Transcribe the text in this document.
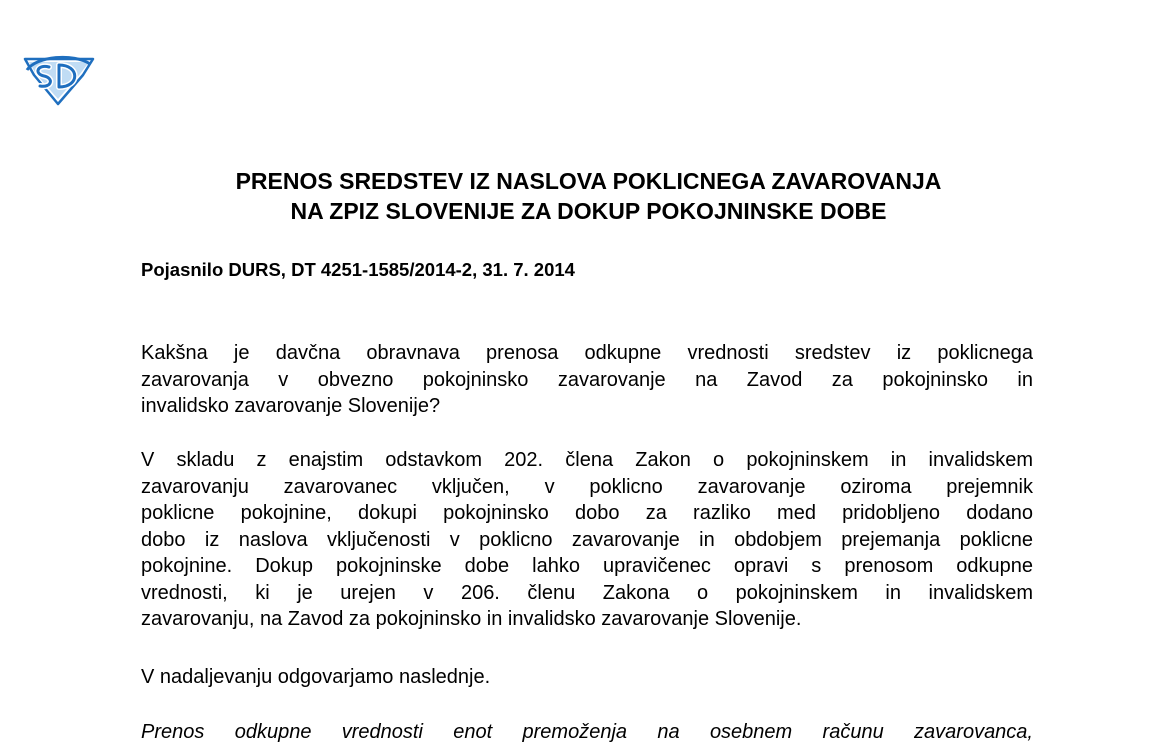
PRENOS SREDSTEV IZ NASLOVA POKLICNEGA ZAVAROVANJA
NA ZPIZ SLOVENIJE ZA DOKUP POKOJNINSKE DOBE
Pojasnilo DURS, DT 4251-1585/2014-2, 31. 7. 2014
Kakšna je davčna obravnava prenosa odkupne vrednosti sredstev iz poklicnega
zavarovanja v obvezno pokojninsko zavarovanje na Zavod za pokojninsko in
invalidsko zavarovanje Slovenije?
V skladu z enajstim odstavkom 202. člena Zakon o pokojninskem in invalidskem
zavarovanju zavarovanec vključen, v poklicno zavarovanje oziroma prejemnik
poklicne pokojnine, dokupi pokojninsko dobo za razliko med pridobljeno dodano
dobo iz naslova vključenosti v poklicno zavarovanje in obdobjem prejemanja poklicne
pokojnine. Dokup pokojninske dobe lahko upravičenec opravi s prenosom odkupne
vrednosti, ki je urejen v 206. členu Zakona o pokojninskem in invalidskem
zavarovanju, na Zavod za pokojninsko in invalidsko zavarovanje Slovenije.
V nadaljevanju odgovarjamo naslednje.
Prenos odkupne vrednosti enot premoženja na osebnem računu zavarovanca,
